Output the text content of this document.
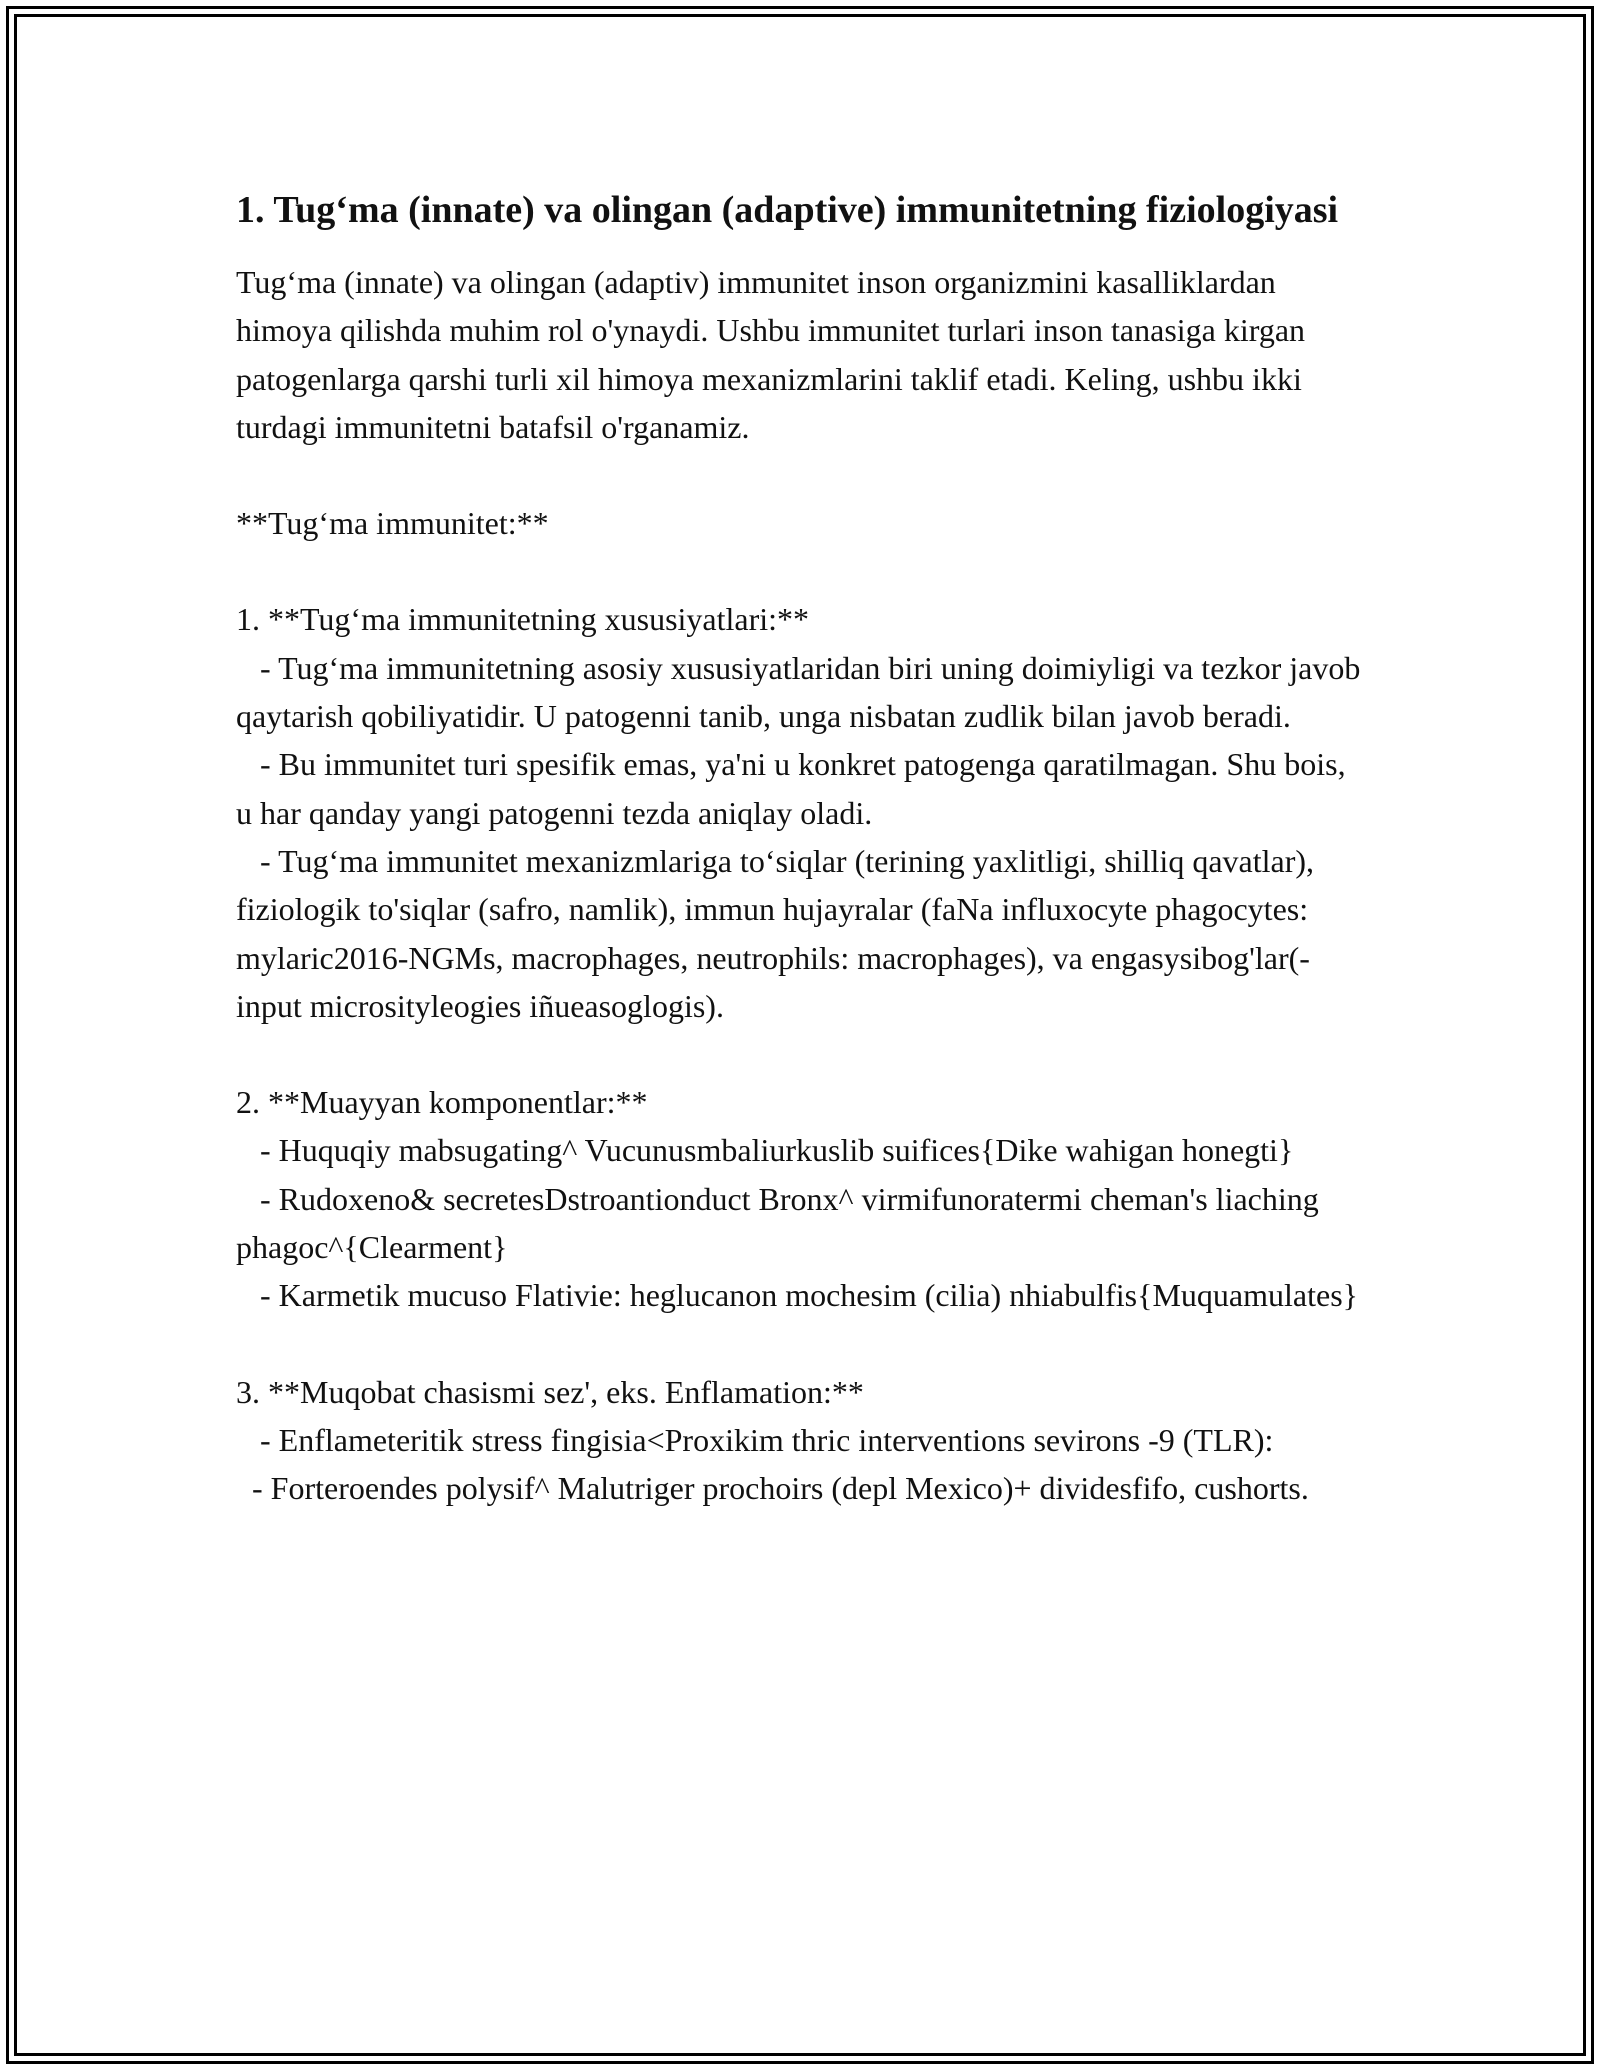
1. Tug‘ma (innate) va olingan (adaptive) immunitetning fiziologiyasi

Tug‘ma (innate) va olingan (adaptiv) immunitet inson organizmini kasalliklardan himoya qilishda muhim rol o'ynaydi. Ushbu immunitet turlari inson tanasiga kirgan patogenlarga qarshi turli xil himoya mexanizmlarini taklif etadi. Keling, ushbu ikki turdagi immunitetni batafsil o'rganamiz.

**Tug‘ma immunitet:**

1. **Tug‘ma immunitetning xususiyatlari:**

- Tug‘ma immunitetning asosiy xususiyatlaridan biri uning doimiyligi va tezkor javob qaytarish qobiliyatidir. U patogenni tanib, unga nisbatan zudlik bilan javob beradi.

- Bu immunitet turi spesifik emas, ya'ni u konkret patogenga qaratilmagan. Shu bois, u har qanday yangi patogenni tezda aniqlay oladi.

- Tug‘ma immunitet mexanizmlariga to‘siqlar (terining yaxlitligi, shilliq qavatlar), fiziologik to'siqlar (safro, namlik), immun hujayralar (faNa influxocyte phagocytes: mylaric2016-NGMs, macrophages, neutrophils: macrophages), va engasysibog'lar(-input micrositylеogies iñueasoglogis).

2. **Muayyan komponentlar:**

- Huquqiy mabsugating^ Vucunusmbaliurkuslib suifices{Dike wahigan honegti}

- Rudoxeno& secretesDstroantionduct Bronx^ virmifunoratermi cheman's liaching phagoc^{Clearment}

- Karmetik mucuso Flativie: heglucanon mochesim (cilia) nhiabulfis{Muquamulates}

3. **Muqobat chasismi sez', eks. Enflamation:**

- Enflameteritik stress fingisia<Proxikim thric interventions sevirons -9 (TLR):

- Forteroendes polysif^ Malutriger prochoirs (depl Mexico)+ dividesfifo, cushorts.
